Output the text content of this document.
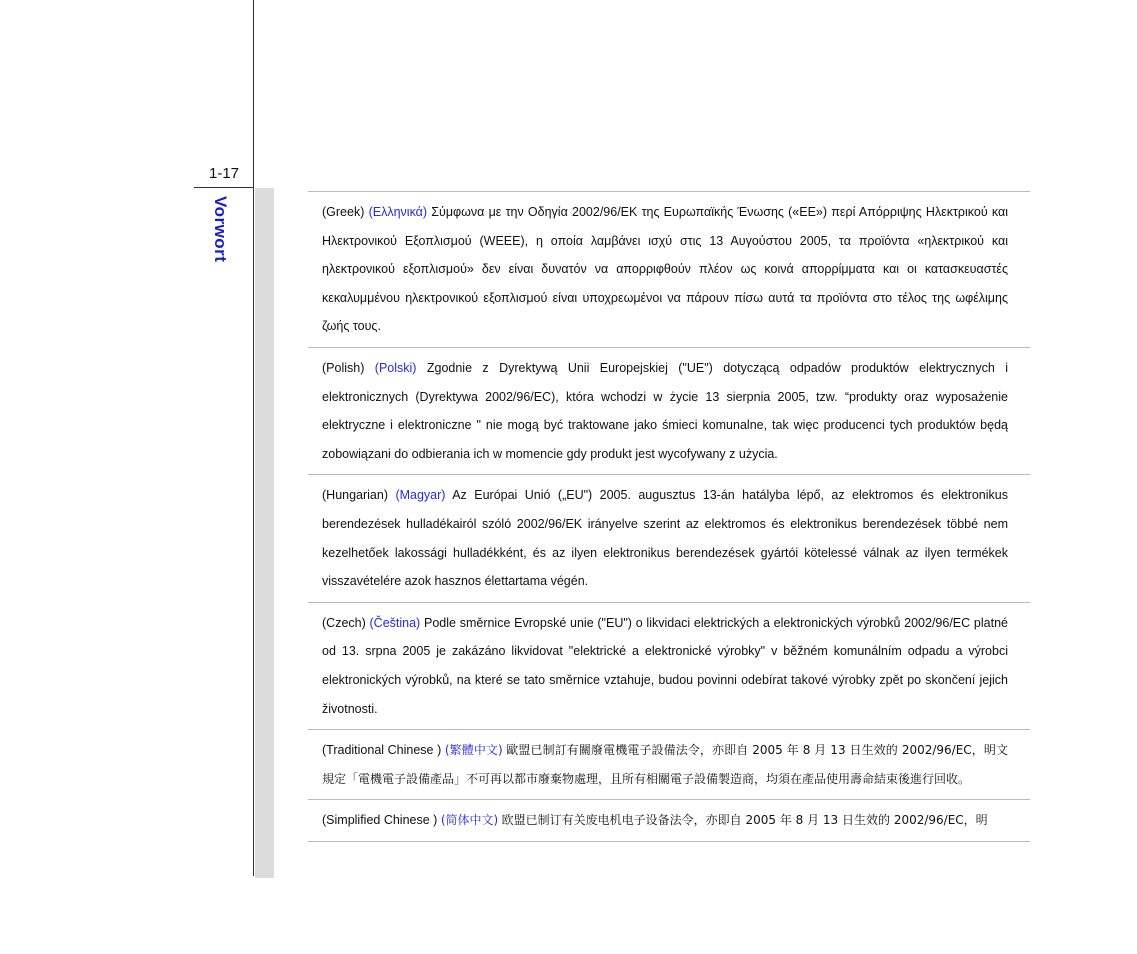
1-17
Vorwort	(Greek) (Ελληνικά) Σύμφωνα με την Οδηγία 2002/96/ΕΚ της Ευρωπαϊκής Ένωσης («ΕΕ») περί Απόρριψης Ηλεκτρικού και Ηλεκτρονικού Εξοπλισμού (WEEE), η οποία λαμβάνει ισχύ στις 13 Αυγούστου 2005, τα προϊόντα «ηλεκτρικού και ηλεκτρονικού εξοπλισμού» δεν είναι δυνατόν να απορριφθούν πλέον ως κοινά απορρίμματα και οι κατασκευαστές κεκαλυμμένου ηλεκτρονικού εξοπλισμού είναι υποχρεωμένοι να πάρουν πίσω αυτά τα προϊόντα στο τέλος της ωφέλιμης ζωής τους.
(Polish) (Polski) Zgodnie z Dyrektywą Unii Europejskiej ("UE") dotyczącą odpadów produktów elektrycznych i elektronicznych (Dyrektywa 2002/96/EC), która wchodzi w życie 13 sierpnia 2005, tzw. “produkty oraz wyposażenie elektryczne i elektroniczne " nie mogą być traktowane jako śmieci komunalne, tak więc producenci tych produktów będą zobowiązani do odbierania ich w momencie gdy produkt jest wycofywany z użycia.
(Hungarian) (Magyar) Az Európai Unió („EU") 2005. augusztus 13-án hatályba lépő, az elektromos és elektronikus berendezések hulladékairól szóló 2002/96/EK irányelve szerint az elektromos és elektronikus berendezések többé nem kezelhetőek lakossági hulladékként, és az ilyen elektronikus berendezések gyártói kötelessé válnak az ilyen termékek visszavételére azok hasznos élettartama végén.
(Czech) (Čeština) Podle směrnice Evropské unie ("EU") o likvidaci elektrických a elektronických výrobků 2002/96/EC platné od 13. srpna 2005 je zakázáno likvidovat "elektrické a elektronické výrobky" v běžném komunálním odpadu a výrobci elektronických výrobků, na které se tato směrnice vztahuje, budou povinni odebírat takové výrobky zpět po skončení jejich životnosti.
(Traditional Chinese ) (繁體中文) 歐盟已制訂有關廢電機電子設備法令，亦即自 2005 年 8 月 13 日生效的 2002/96/EC，明文規定「電機電子設備產品」不可再以都市廢棄物處理，且所有相關電子設備製造商，均須在產品使用壽命結束後進行回收。
(Simplified Chinese ) (简体中文) 欧盟已制订有关废电机电子设备法令，亦即自 2005 年 8 月 13 日生效的 2002/96/EC，明
